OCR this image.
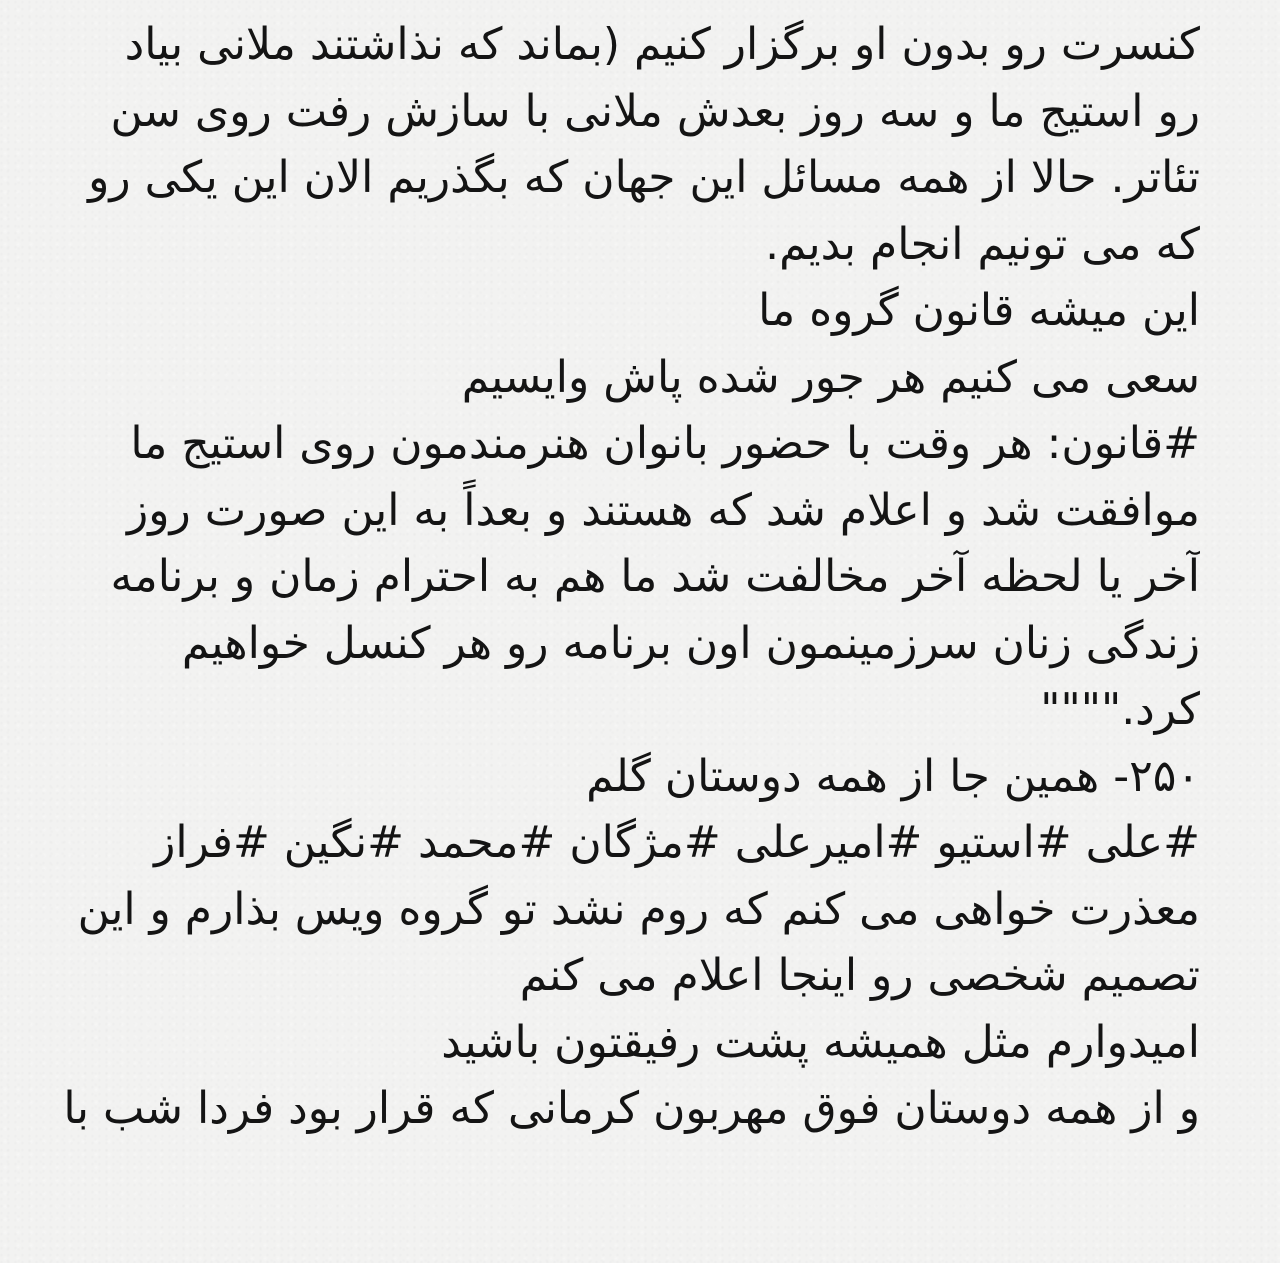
کنسرت رو بدون او برگزار کنیم (بماند که نذاشتند ملانی بیاد
رو استیج ما و سه روز بعدش ملانی با سازش رفت روی سن
تئاتر. حالا از همه مسائل این جهان که بگذریم الان این یکی رو
که می تونیم انجام بدیم.
این میشه قانون گروه ما
سعی می کنیم هر جور شده پاش وایسیم
#قانون: هر وقت با حضور بانوان هنرمندمون روی استیج ما
موافقت شد و اعلام شد که هستند و بعداً به این صورت روز
آخر یا لحظه آخر مخالفت شد ما هم به احترام زمان و برنامه
زندگی زنان سرزمینمون اون برنامه رو هر کنسل خواهیم
کرد.""""
۲۵۰- همین جا از همه دوستان گلم
#علی #استیو #امیرعلی #مژگان #محمد #نگین #فراز
معذرت خواهی می کنم که روم نشد تو گروه ویس بذارم و این
تصمیم شخصی رو اینجا اعلام می کنم
امیدوارم مثل همیشه پشت رفیقتون باشید
و از همه دوستان فوق مهربون کرمانی که قرار بود فردا شب با
